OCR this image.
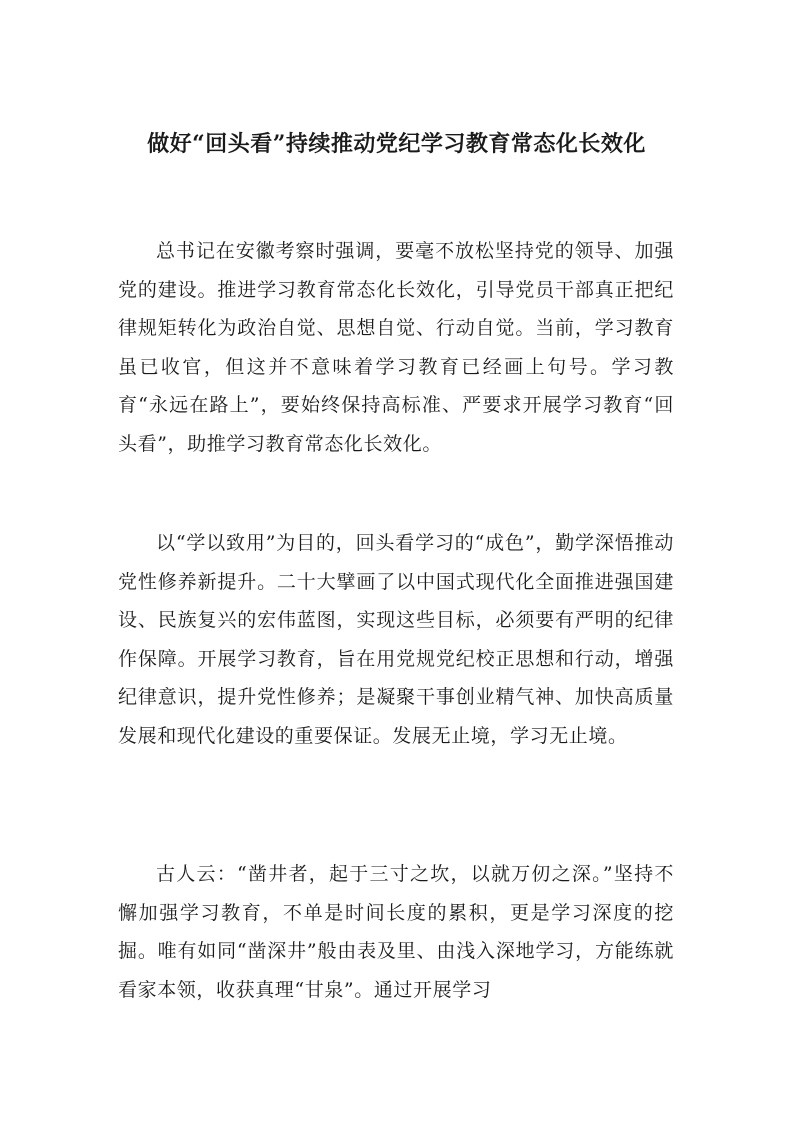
做好“回头看”持续推动党纪学习教育常态化长效化

总书记在安徽考察时强调，要毫不放松坚持党的领导、加强党的建设。推进学习教育常态化长效化，引导党员干部真正把纪律规矩转化为政治自觉、思想自觉、行动自觉。当前，学习教育虽已收官，但这并不意味着学习教育已经画上句号。学习教育“永远在路上”，要始终保持高标准、严要求开展学习教育“回头看”，助推学习教育常态化长效化。

以“学以致用”为目的，回头看学习的“成色”，勤学深悟推动党性修养新提升。二十大擘画了以中国式现代化全面推进强国建设、民族复兴的宏伟蓝图，实现这些目标，必须要有严明的纪律作保障。开展学习教育，旨在用党规党纪校正思想和行动，增强纪律意识，提升党性修养；是凝聚干事创业精气神、加快高质量发展和现代化建设的重要保证。发展无止境，学习无止境。

古人云：“凿井者，起于三寸之坎，以就万仞之深。”坚持不懈加强学习教育，不单是时间长度的累积，更是学习深度的挖掘。唯有如同“凿深井”般由表及里、由浅入深地学习，方能练就看家本领，收获真理“甘泉”。通过开展学习
